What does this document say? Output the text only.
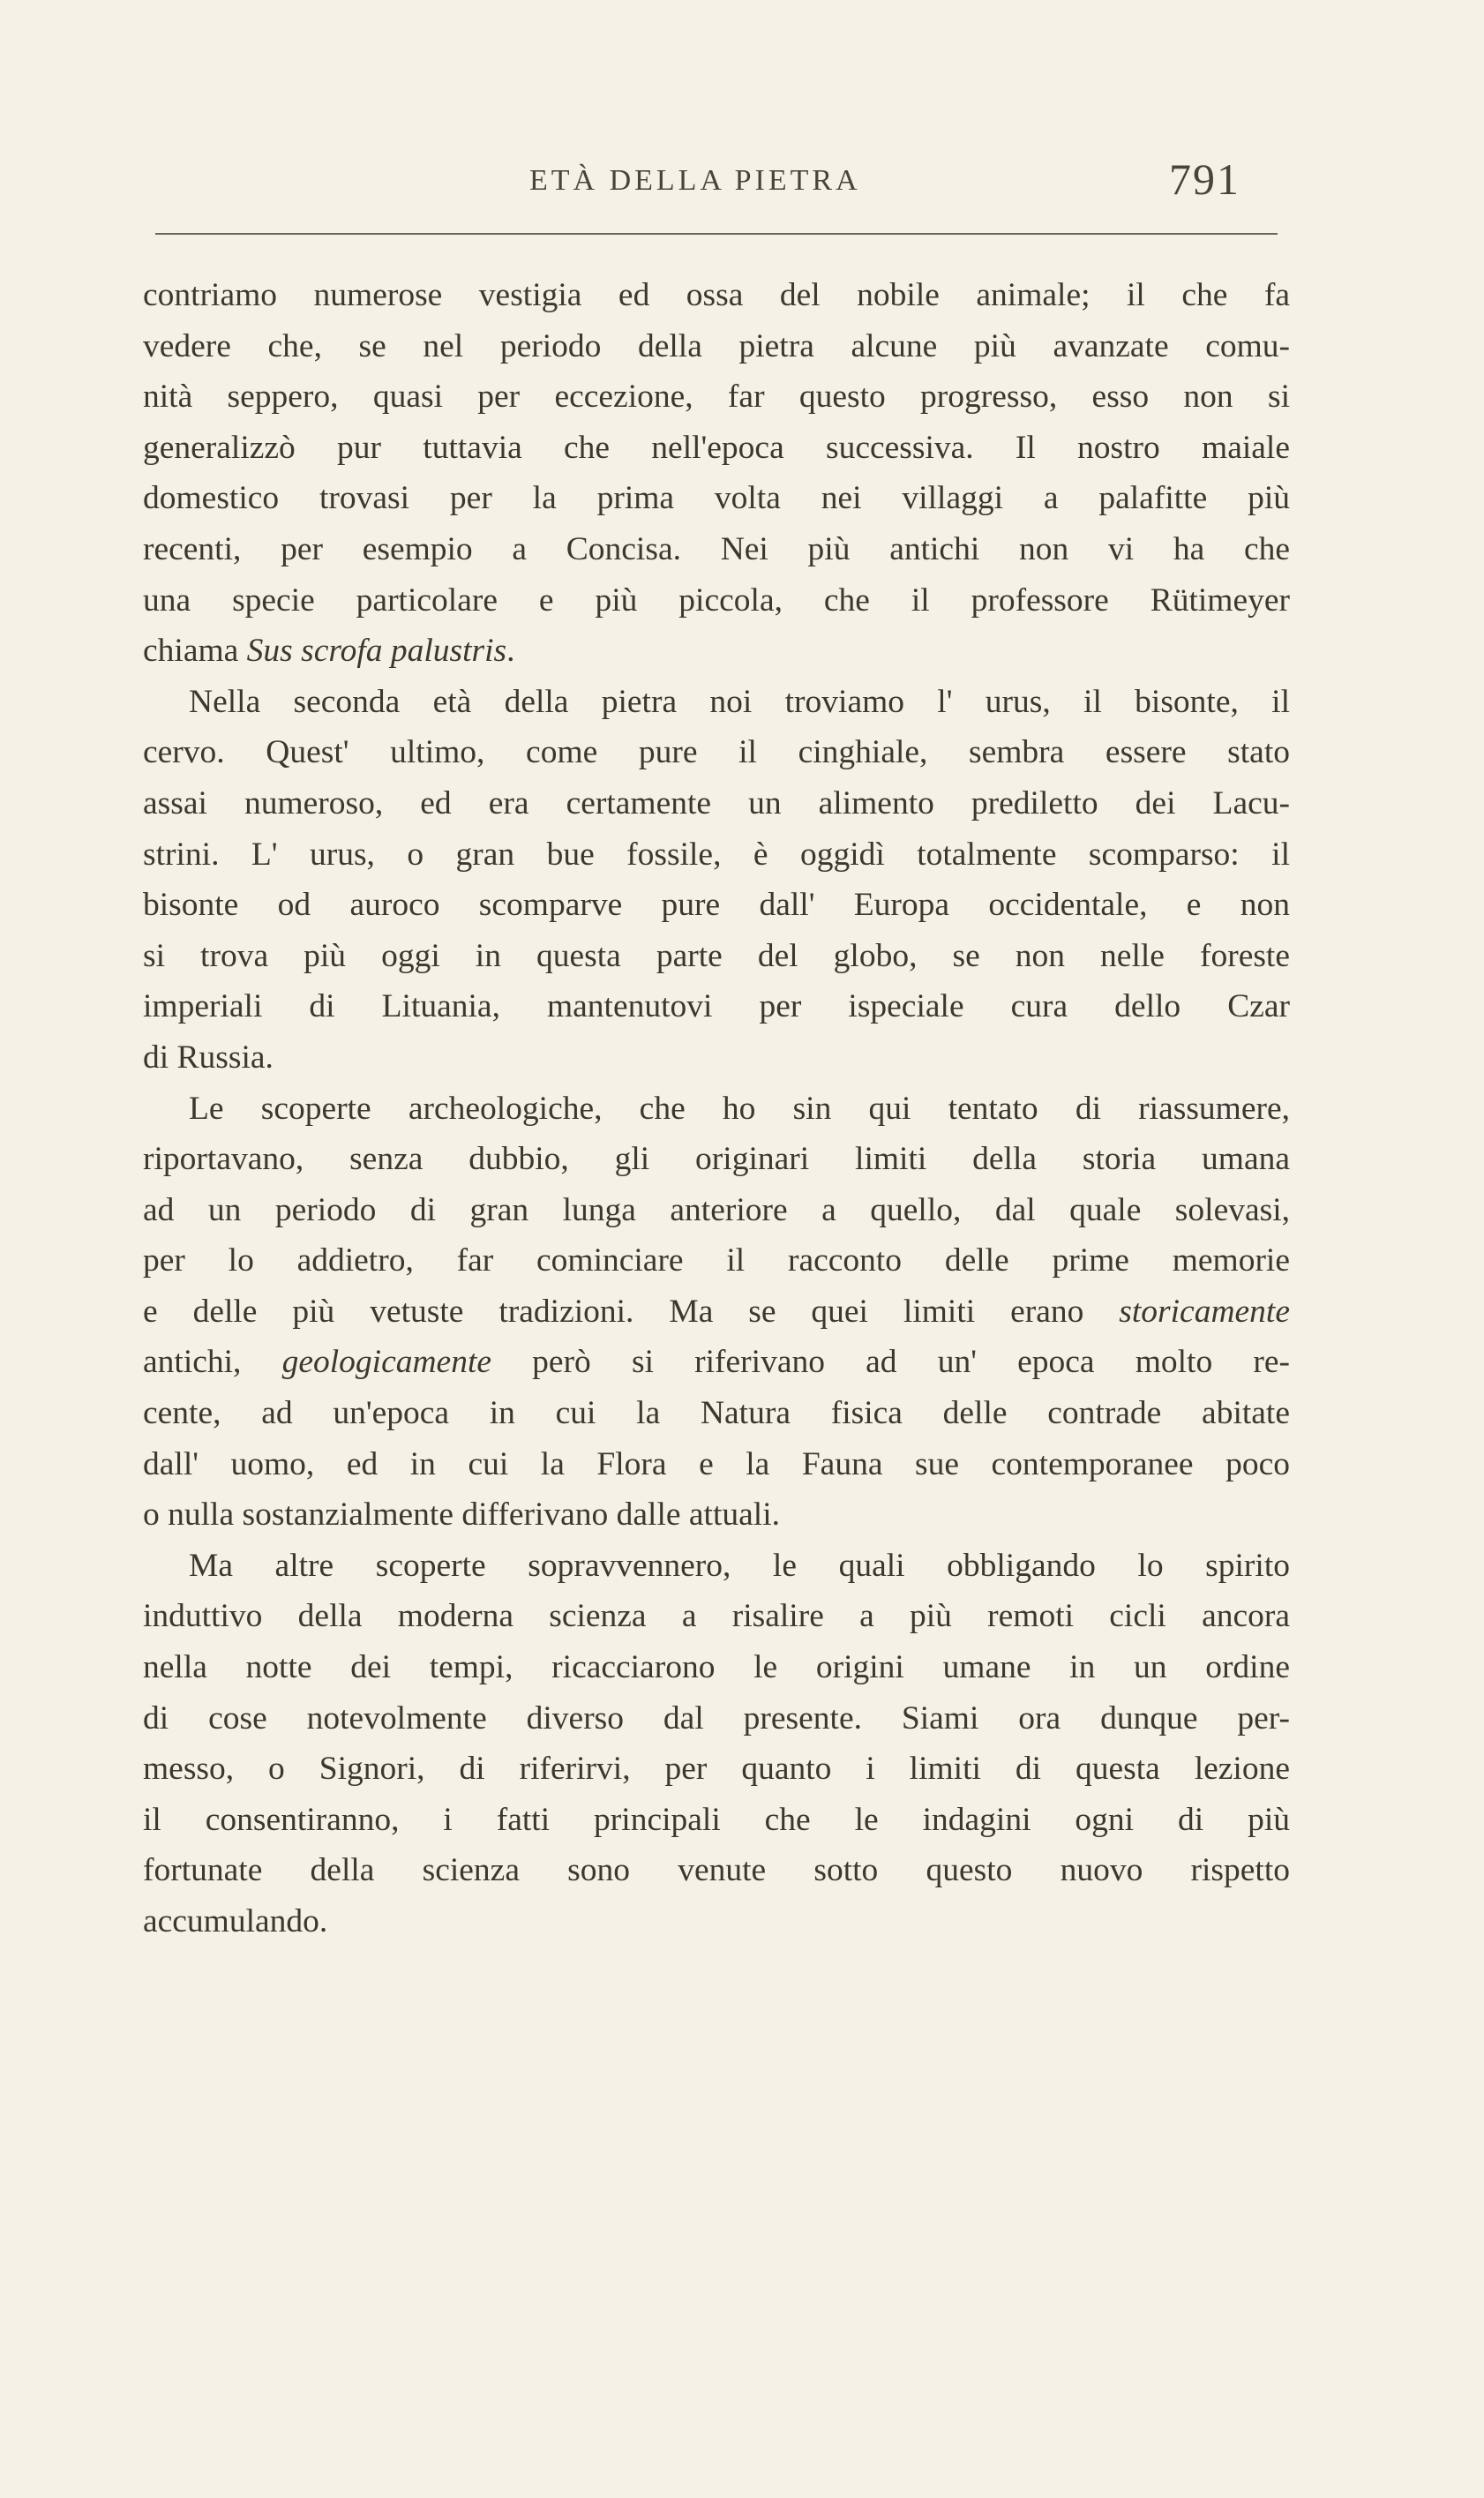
ETÀ DELLA PIETRA	791
contriamo numerose vestigia ed ossa del nobile animale; il che fa
vedere che, se nel periodo della pietra alcune più avanzate comu-
nità seppero, quasi per eccezione, far questo progresso, esso non si
generalizzò pur tuttavia che nell'epoca successiva. Il nostro maiale
domestico trovasi per la prima volta nei villaggi a palafitte più
recenti, per esempio a Concisa. Nei più antichi non vi ha che
una specie particolare e più piccola, che il professore Rütimeyer
chiama Sus scrofa palustris.
Nella seconda età della pietra noi troviamo l' urus, il bisonte, il
cervo. Quest' ultimo, come pure il cinghiale, sembra essere stato
assai numeroso, ed era certamente un alimento prediletto dei Lacu-
strini. L' urus, o gran bue fossile, è oggidì totalmente scomparso: il
bisonte od auroco scomparve pure dall' Europa occidentale, e non
si trova più oggi in questa parte del globo, se non nelle foreste
imperiali di Lituania, mantenutovi per ispeciale cura dello Czar
di Russia.
Le scoperte archeologiche, che ho sin qui tentato di riassumere,
riportavano, senza dubbio, gli originari limiti della storia umana
ad un periodo di gran lunga anteriore a quello, dal quale solevasi,
per lo addietro, far cominciare il racconto delle prime memorie
e delle più vetuste tradizioni. Ma se quei limiti erano storicamente
antichi, geologicamente però si riferivano ad un' epoca molto re-
cente, ad un'epoca in cui la Natura fisica delle contrade abitate
dall' uomo, ed in cui la Flora e la Fauna sue contemporanee poco
o nulla sostanzialmente differivano dalle attuali.
Ma altre scoperte sopravvennero, le quali obbligando lo spirito
induttivo della moderna scienza a risalire a più remoti cicli ancora
nella notte dei tempi, ricacciarono le origini umane in un ordine
di cose notevolmente diverso dal presente. Siami ora dunque per-
messo, o Signori, di riferirvi, per quanto i limiti di questa lezione
il consentiranno, i fatti principali che le indagini ogni di più
fortunate della scienza sono venute sotto questo nuovo rispetto
accumulando.
